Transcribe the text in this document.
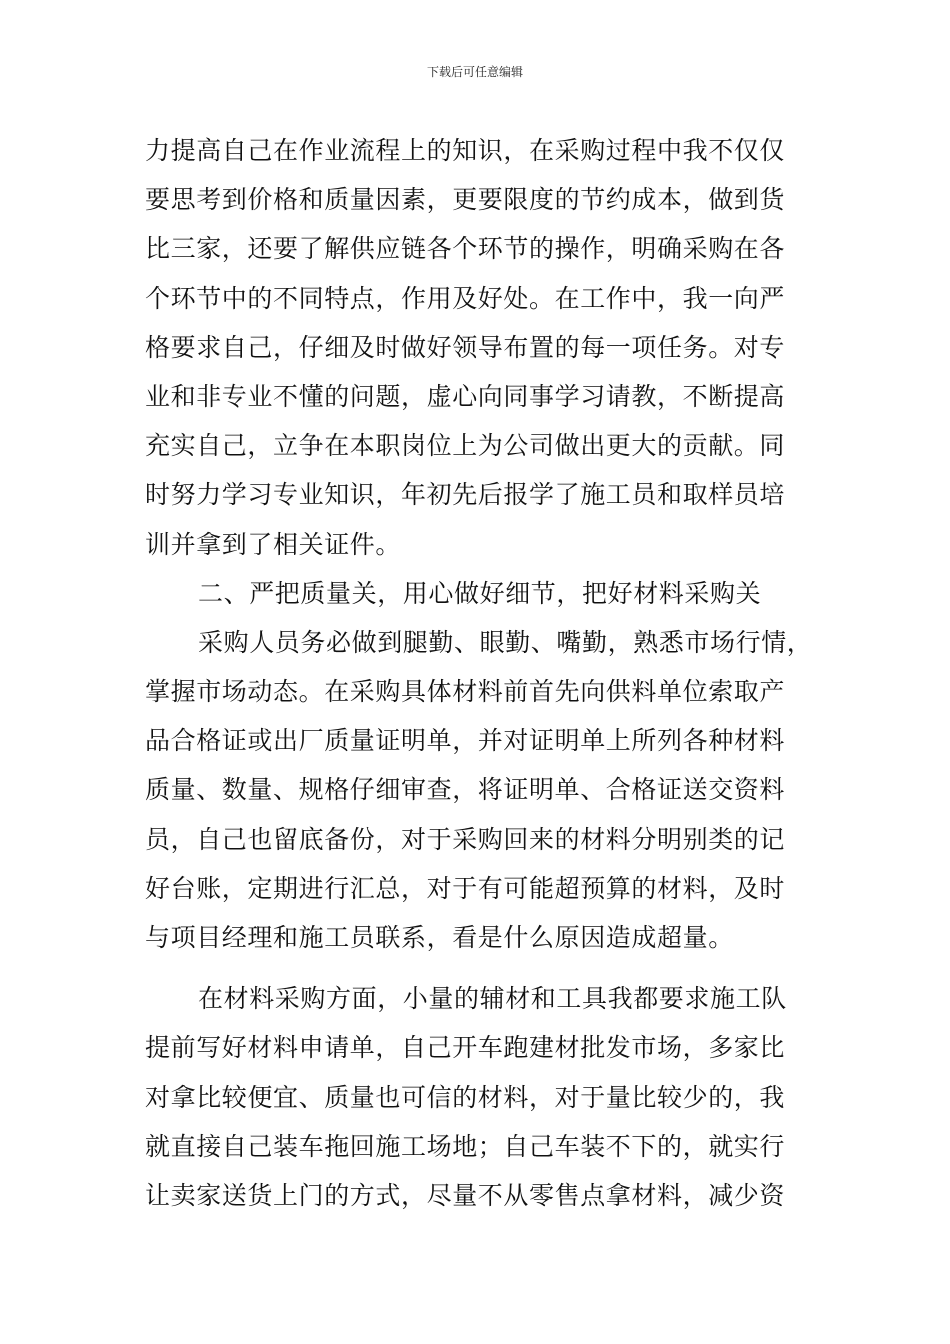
下载后可任意编辑
力提高自己在作业流程上的知识，在采购过程中我不仅仅
要思考到价格和质量因素，更要限度的节约成本，做到货
比三家，还要了解供应链各个环节的操作，明确采购在各
个环节中的不同特点，作用及好处。在工作中，我一向严
格要求自己，仔细及时做好领导布置的每一项任务。对专
业和非专业不懂的问题，虚心向同事学习请教，不断提高
充实自己，立争在本职岗位上为公司做出更大的贡献。同
时努力学习专业知识，年初先后报学了施工员和取样员培
训并拿到了相关证件。
二、严把质量关，用心做好细节，把好材料采购关
采购人员务必做到腿勤、眼勤、嘴勤，熟悉市场行情，
掌握市场动态。在采购具体材料前首先向供料单位索取产
品合格证或出厂质量证明单，并对证明单上所列各种材料
质量、数量、规格仔细审查，将证明单、合格证送交资料
员，自己也留底备份，对于采购回来的材料分明别类的记
好台账，定期进行汇总，对于有可能超预算的材料，及时
与项目经理和施工员联系，看是什么原因造成超量。
在材料采购方面，小量的辅材和工具我都要求施工队
提前写好材料申请单，自己开车跑建材批发市场，多家比
对拿比较便宜、质量也可信的材料，对于量比较少的，我
就直接自己装车拖回施工场地；自己车装不下的，就实行
让卖家送货上门的方式，尽量不从零售点拿材料，减少资
